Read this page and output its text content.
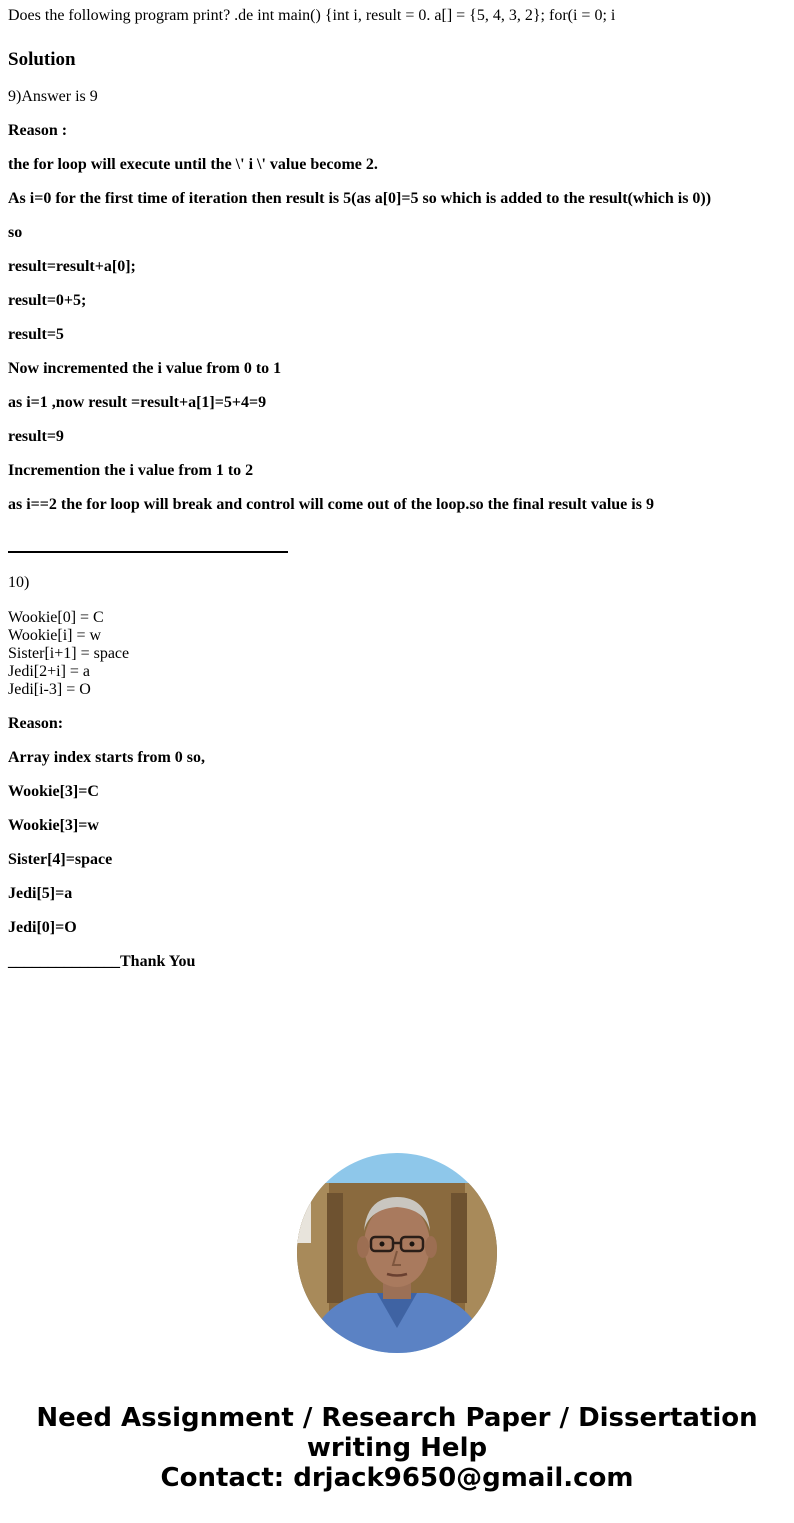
Does the following program print? .de int main() {int i, result = 0. a[] = {5, 4, 3, 2}; for(i = 0; i
Solution
9)Answer is 9
Reason :
the for loop will execute until the \' i \' value become 2.
As i=0 for the first time of iteration then result is 5(as a[0]=5 so which is added to the result(which is 0))
so
result=result+a[0];
result=0+5;
result=5
Now incremented the i value from 0 to 1
as i=1 ,now result =result+a[1]=5+4=9
result=9
Incremention the i value from 1 to 2
as i==2 the for loop will break and control will come out of the loop.so the final result value is 9
10)
Wookie[0] = C
Wookie[i] = w
Sister[i+1] = space
Jedi[2+i] = a
Jedi[i-3] = O
Reason:
Array index starts from 0 so,
Wookie[3]=C
Wookie[3]=w
Sister[4]=space
Jedi[5]=a
Jedi[0]=O
______________Thank You
Need Assignment / Research Paper / Dissertation
writing Help
Contact: drjack9650@gmail.com
